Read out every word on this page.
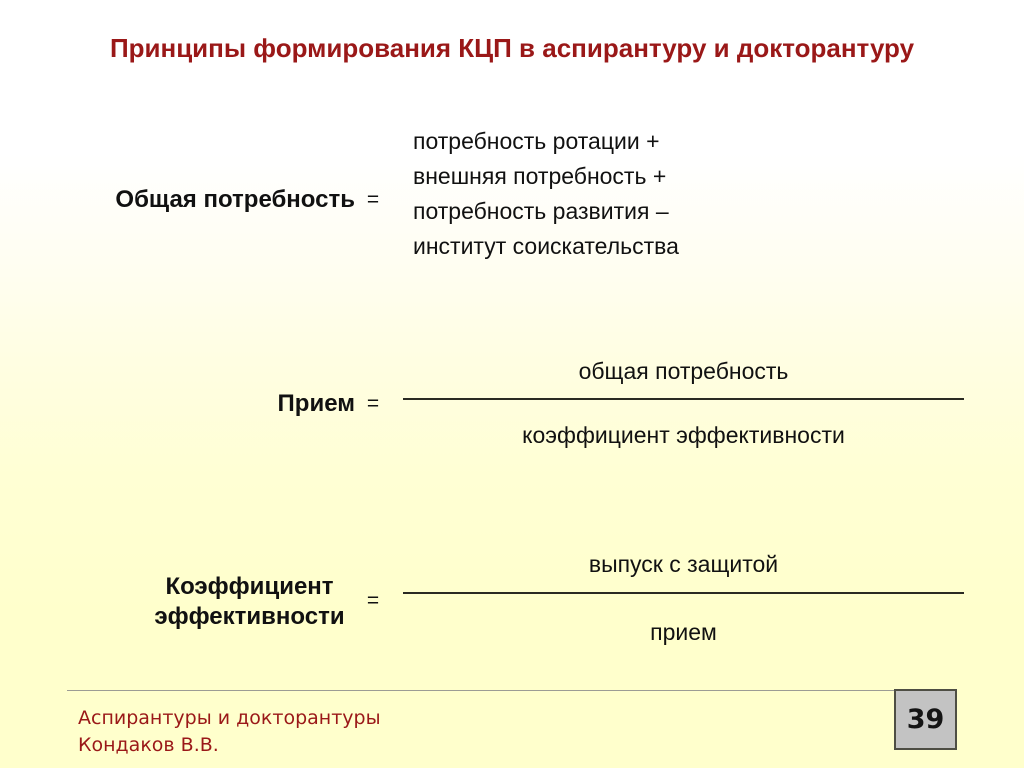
Принципы формирования КЦП в аспирантуру и докторантуру
Общая потребность =
потребность ротации +
внешняя потребность +
потребность развития –
институт соискательства
Прием =
общая потребность
коэффициент эффективности
Коэффициент эффективности
=
выпуск с защитой
прием
Аспирантуры и докторантуры
Кондаков В.В.
39
